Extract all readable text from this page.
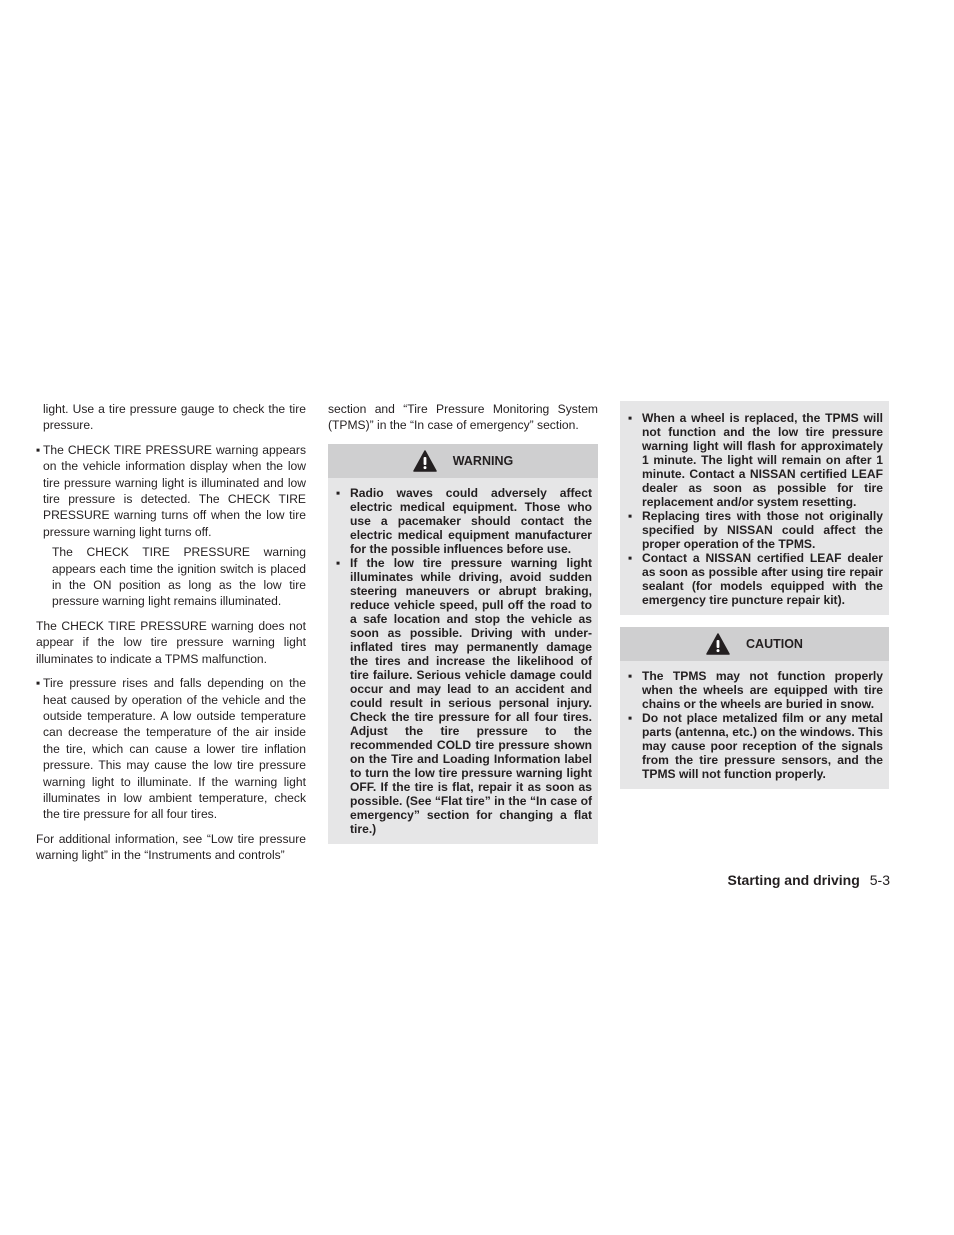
light. Use a tire pressure gauge to check the tire pressure.

▪ The CHECK TIRE PRESSURE warning appears on the vehicle information display when the low tire pressure warning light is illuminated and low tire pressure is detected. The CHECK TIRE PRESSURE warning turns off when the low tire pressure warning light turns off.

The CHECK TIRE PRESSURE warning appears each time the ignition switch is placed in the ON position as long as the low tire pressure warning light remains illuminated.

The CHECK TIRE PRESSURE warning does not appear if the low tire pressure warning light illuminates to indicate a TPMS malfunction.

▪ Tire pressure rises and falls depending on the heat caused by operation of the vehicle and the outside temperature. A low outside temperature can decrease the temperature of the air inside the tire, which can cause a lower tire inflation pressure. This may cause the low tire pressure warning light to illuminate. If the warning light illuminates in low ambient temperature, check the tire pressure for all four tires.

For additional information, see “Low tire pressure warning light” in the “Instruments and controls”

section and “Tire Pressure Monitoring System (TPMS)” in the “In case of emergency” section.

WARNING
▪ Radio waves could adversely affect electric medical equipment. Those who use a pacemaker should contact the electric medical equipment manufacturer for the possible influences before use.
▪ If the low tire pressure warning light illuminates while driving, avoid sudden steering maneuvers or abrupt braking, reduce vehicle speed, pull off the road to a safe location and stop the vehicle as soon as possible. Driving with under-inflated tires may permanently damage the tires and increase the likelihood of tire failure. Serious vehicle damage could occur and may lead to an accident and could result in serious personal injury. Check the tire pressure for all four tires. Adjust the tire pressure to the recommended COLD tire pressure shown on the Tire and Loading Information label to turn the low tire pressure warning light OFF. If the tire is flat, repair it as soon as possible. (See “Flat tire” in the “In case of emergency” section for changing a flat tire.)
▪ When a wheel is replaced, the TPMS will not function and the low tire pressure warning light will flash for approximately 1 minute. The light will remain on after 1 minute. Contact a NISSAN certified LEAF dealer as soon as possible for tire replacement and/or system resetting.
▪ Replacing tires with those not originally specified by NISSAN could affect the proper operation of the TPMS.
▪ Contact a NISSAN certified LEAF dealer as soon as possible after using tire repair sealant (for models equipped with the emergency tire puncture repair kit).
CAUTION
▪ The TPMS may not function properly when the wheels are equipped with tire chains or the wheels are buried in snow.
▪ Do not place metalized film or any metal parts (antenna, etc.) on the windows. This may cause poor reception of the signals from the tire pressure sensors, and the TPMS will not function properly.
Starting and driving 5-3
